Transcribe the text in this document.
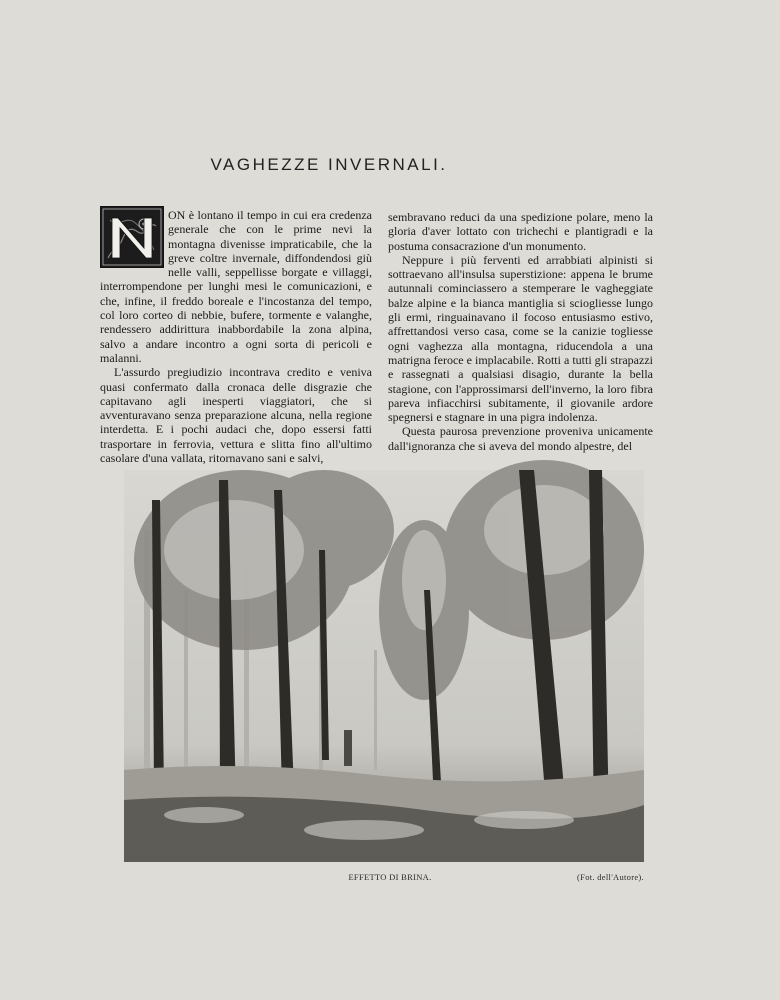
VAGHEZZE INVERNALI.

ON è lontano il tempo in cui era credenza generale che con le prime nevi la montagna divenisse impraticabile, che la greve coltre invernale, diffondendosi giù nelle valli, seppellisse borgate e villaggi, interrompendone per lunghi mesi le comunicazioni, e che, infine, il freddo boreale e l'incostanza del tempo, col loro corteo di nebbie, bufere, tormente e valanghe, rendessero addirittura inabbordabile la zona alpina, salvo a andare incontro a ogni sorta di pericoli e malanni.

L'assurdo pregiudizio incontrava credito e veniva quasi confermato dalla cronaca delle disgrazie che capitavano agli inesperti viaggiatori, che si avventuravano senza preparazione alcuna, nella regione interdetta. E i pochi audaci che, dopo essersi fatti trasportare in ferrovia, vettura e slitta fino all'ultimo casolare d'una vallata, ritornavano sani e salvi,

sembravano reduci da una spedizione polare, meno la gloria d'aver lottato con trichechi e plantigradi e la postuma consacrazione d'un monumento.

Neppure i più ferventi ed arrabbiati alpinisti si sottraevano all'insulsa superstizione: appena le brume autunnali cominciassero a stemperare le vagheggiate balze alpine e la bianca mantiglia si sciogliesse lungo gli ermi, ringuainavano il focoso entusiasmo estivo, affrettandosi verso casa, come se la canizie togliesse ogni vaghezza alla montagna, riducendola a una matrigna feroce e implacabile. Rotti a tutti gli strapazzi e rassegnati a qualsiasi disagio, durante la bella stagione, con l'approssimarsi dell'inverno, la loro fibra pareva infiacchirsi subitamente, il giovanile ardore spegnersi e stagnare in una pigra indolenza.

Questa paurosa prevenzione proveniva unicamente dall'ignoranza che si aveva del mondo alpestre, del

EFFETTO DI BRINA.	(Fot. dell'Autore).
